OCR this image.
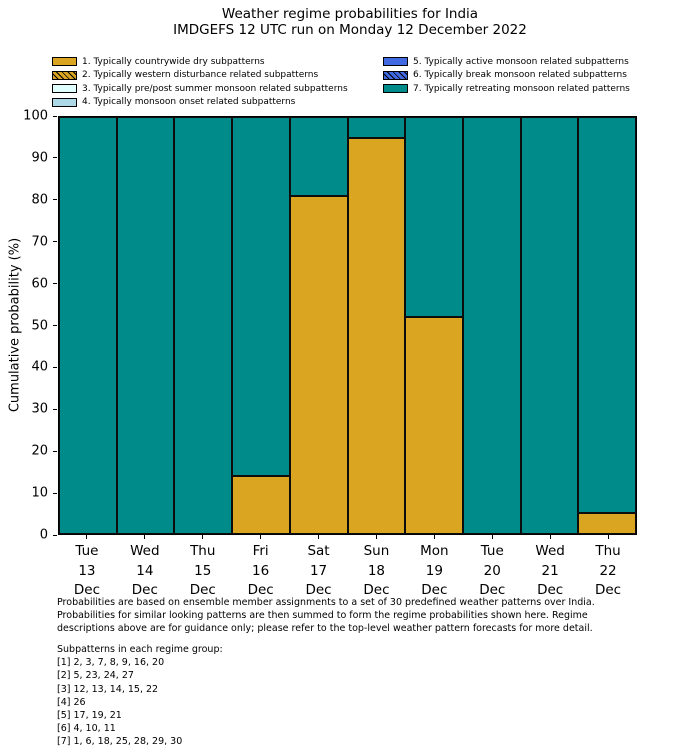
Weather regime probabilities for India
IMDGEFS 12 UTC run on Monday 12 December 2022
1. Typically countrywide dry subpatterns
2. Typically western disturbance related subpatterns
3. Typically pre/post summer monsoon related subpatterns
4. Typically monsoon onset related subpatterns
5. Typically active monsoon related subpatterns
6. Typically break monsoon related subpatterns
7. Typically retreating monsoon related patterns
Cumulative probability (%)
0
10
20
30
40
50
60
70
80
90
100
Tue
13
Dec
Wed
14
Dec
Thu
15
Dec
Fri
16
Dec
Sat
17
Dec
Sun
18
Dec
Mon
19
Dec
Tue
20
Dec
Wed
21
Dec
Thu
22
Dec
Probabilities are based on ensemble member assignments to a set of 30 predefined weather patterns over India.
Probabilities for similar looking patterns are then summed to form the regime probabilities shown here. Regime
descriptions above are for guidance only; please refer to the top-level weather pattern forecasts for more detail.
Subpatterns in each regime group:
[1] 2, 3, 7, 8, 9, 16, 20
[2] 5, 23, 24, 27
[3] 12, 13, 14, 15, 22
[4] 26
[5] 17, 19, 21
[6] 4, 10, 11
[7] 1, 6, 18, 25, 28, 29, 30
